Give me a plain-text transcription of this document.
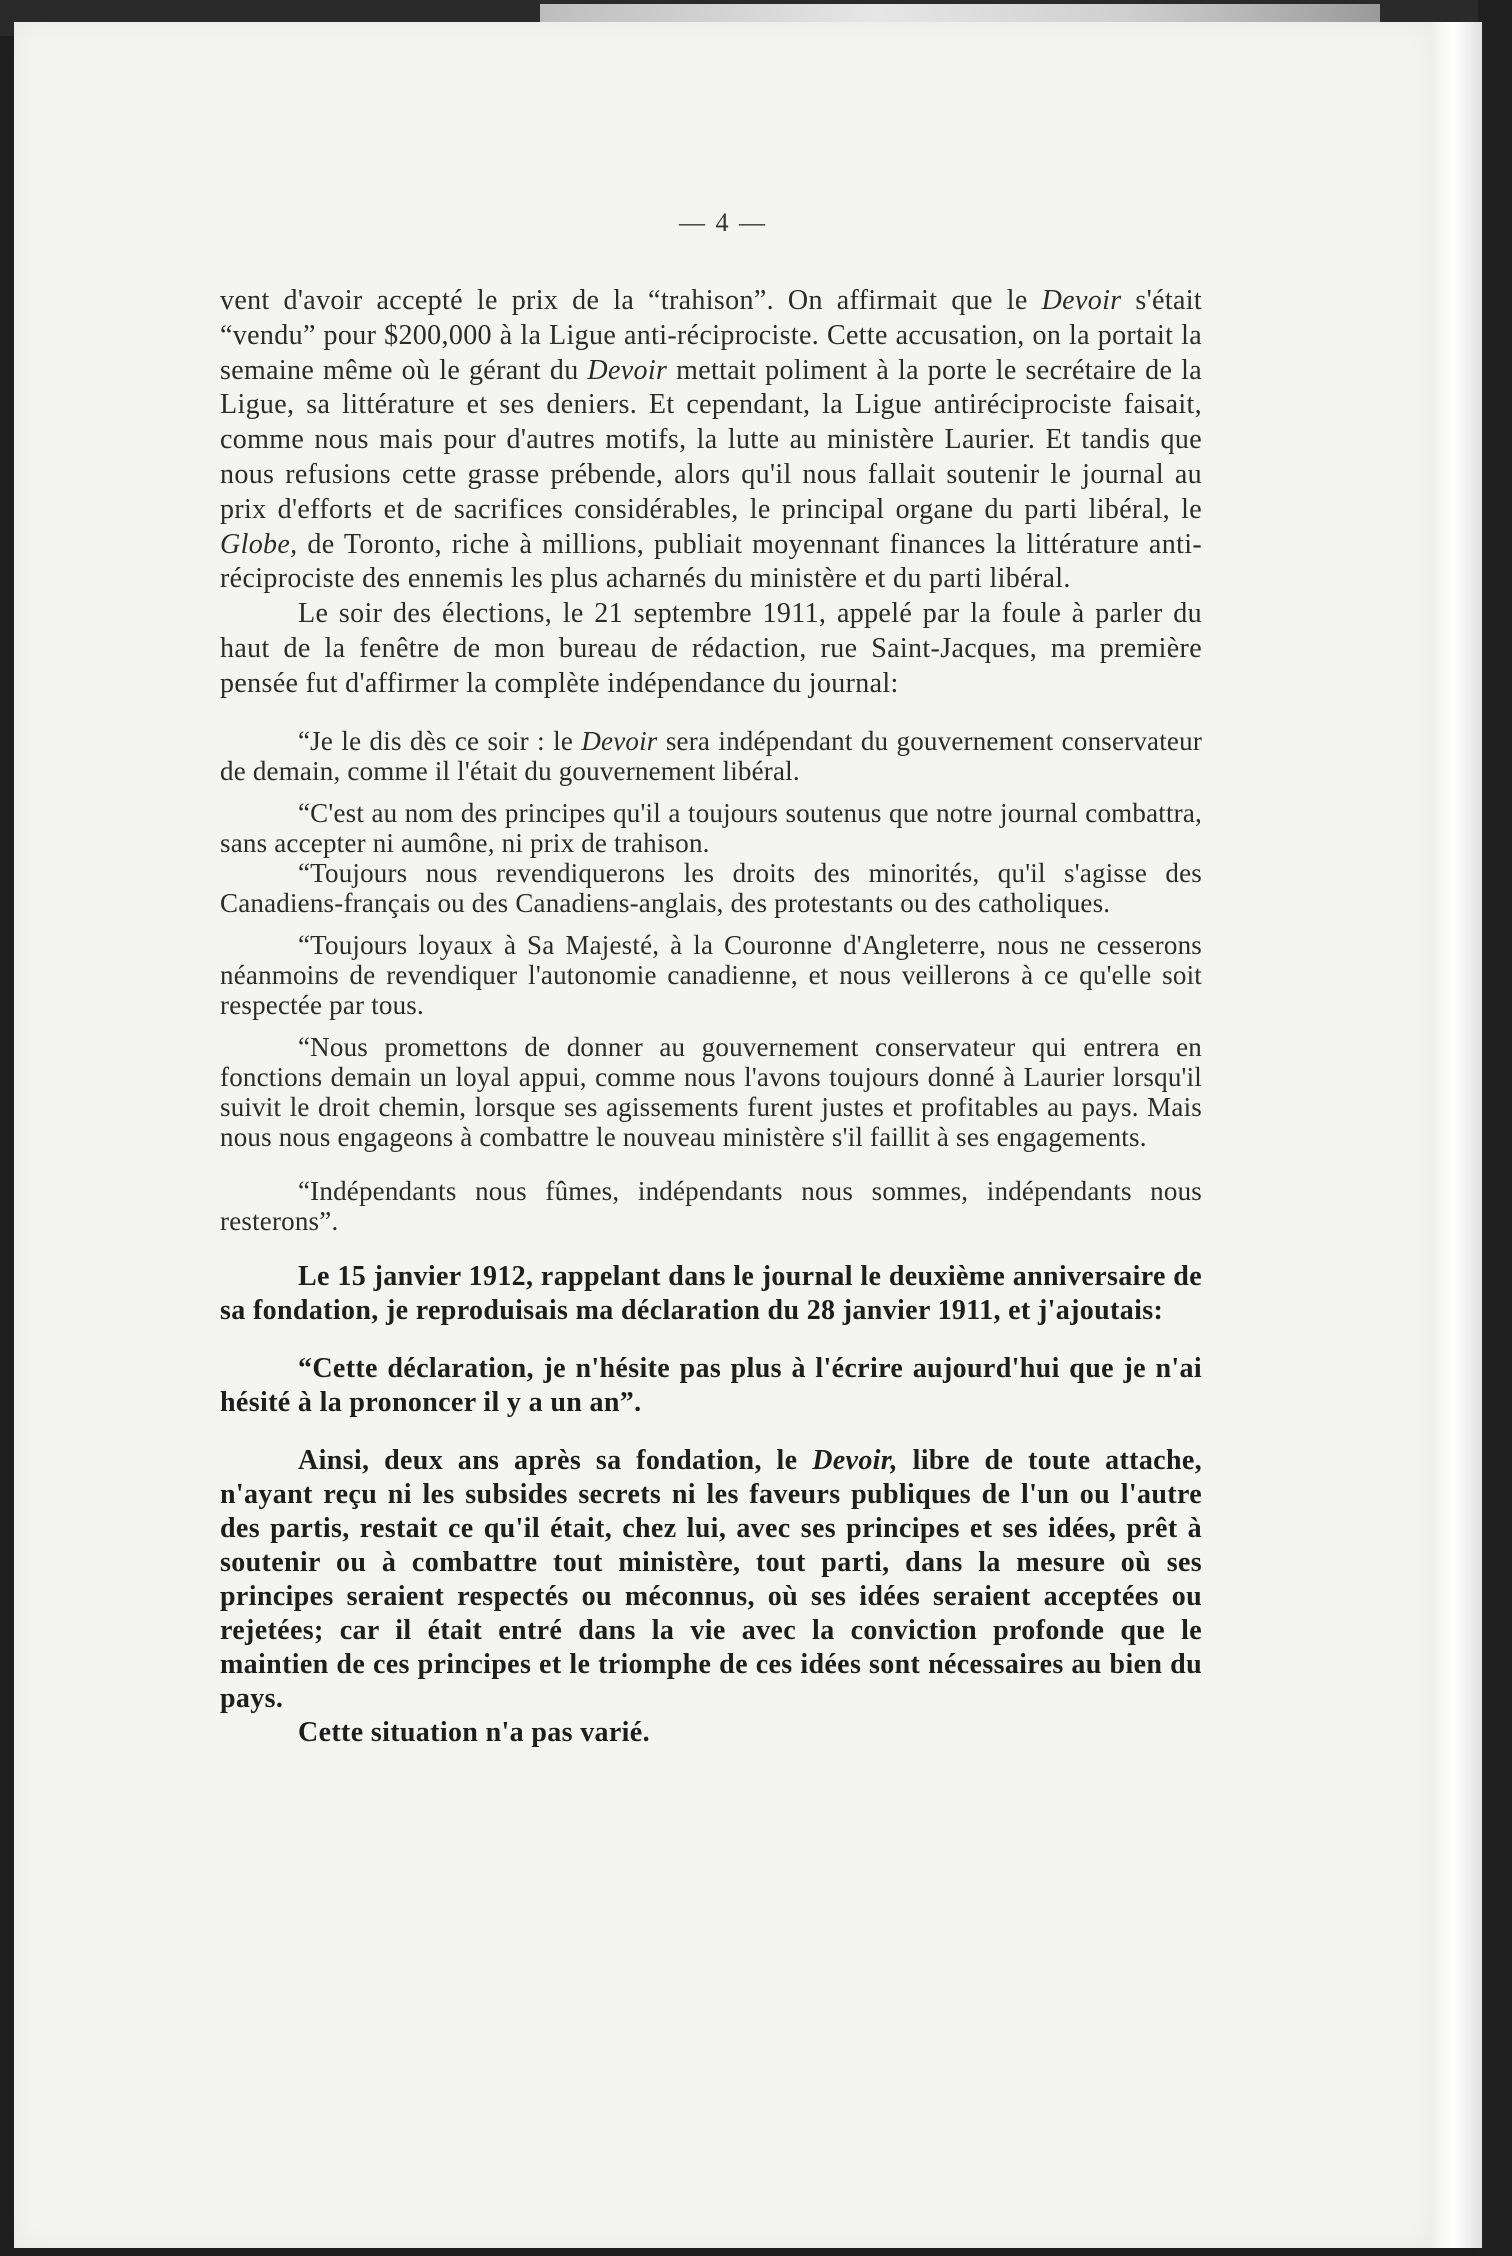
— 4 —

vent d'avoir accepté le prix de la “trahison”. On affirmait que le Devoir s'était “vendu” pour $200,000 à la Ligue anti-réciprociste. Cette accusation, on la portait la semaine même où le gérant du Devoir mettait poliment à la porte le secrétaire de la Ligue, sa littérature et ses deniers. Et cependant, la Ligue antiréciprociste faisait, comme nous mais pour d'autres motifs, la lutte au ministère Laurier. Et tandis que nous refusions cette grasse prébende, alors qu'il nous fallait soutenir le journal au prix d'efforts et de sacrifices considérables, le principal organe du parti libéral, le Globe, de Toronto, riche à millions, publiait moyennant finances la littérature anti-réciprociste des ennemis les plus acharnés du ministère et du parti libéral.

Le soir des élections, le 21 septembre 1911, appelé par la foule à parler du haut de la fenêtre de mon bureau de rédaction, rue Saint-Jacques, ma première pensée fut d'affirmer la complète indépendance du journal:

“Je le dis dès ce soir : le Devoir sera indépendant du gouvernement conservateur de demain, comme il l'était du gouvernement libéral.

“C'est au nom des principes qu'il a toujours soutenus que notre journal combattra, sans accepter ni aumône, ni prix de trahison.

“Toujours nous revendiquerons les droits des minorités, qu'il s'agisse des Canadiens-français ou des Canadiens-anglais, des protestants ou des catholiques.

“Toujours loyaux à Sa Majesté, à la Couronne d'Angleterre, nous ne cesserons néanmoins de revendiquer l'autonomie canadienne, et nous veillerons à ce qu'elle soit respectée par tous.

“Nous promettons de donner au gouvernement conservateur qui entrera en fonctions demain un loyal appui, comme nous l'avons toujours donné à Laurier lorsqu'il suivit le droit chemin, lorsque ses agissements furent justes et profitables au pays. Mais nous nous engageons à combattre le nouveau ministère s'il faillit à ses engagements.

“Indépendants nous fûmes, indépendants nous sommes, indépendants nous resterons”.

Le 15 janvier 1912, rappelant dans le journal le deuxième anniversaire de sa fondation, je reproduisais ma déclaration du 28 janvier 1911, et j'ajoutais:

“Cette déclaration, je n'hésite pas plus à l'écrire aujourd'hui que je n'ai hésité à la prononcer il y a un an”.

Ainsi, deux ans après sa fondation, le Devoir, libre de toute attache, n'ayant reçu ni les subsides secrets ni les faveurs publiques de l'un ou l'autre des partis, restait ce qu'il était, chez lui, avec ses principes et ses idées, prêt à soutenir ou à combattre tout ministère, tout parti, dans la mesure où ses principes seraient respectés ou méconnus, où ses idées seraient acceptées ou rejetées; car il était entré dans la vie avec la conviction profonde que le maintien de ces principes et le triomphe de ces idées sont nécessaires au bien du pays.

Cette situation n'a pas varié.
